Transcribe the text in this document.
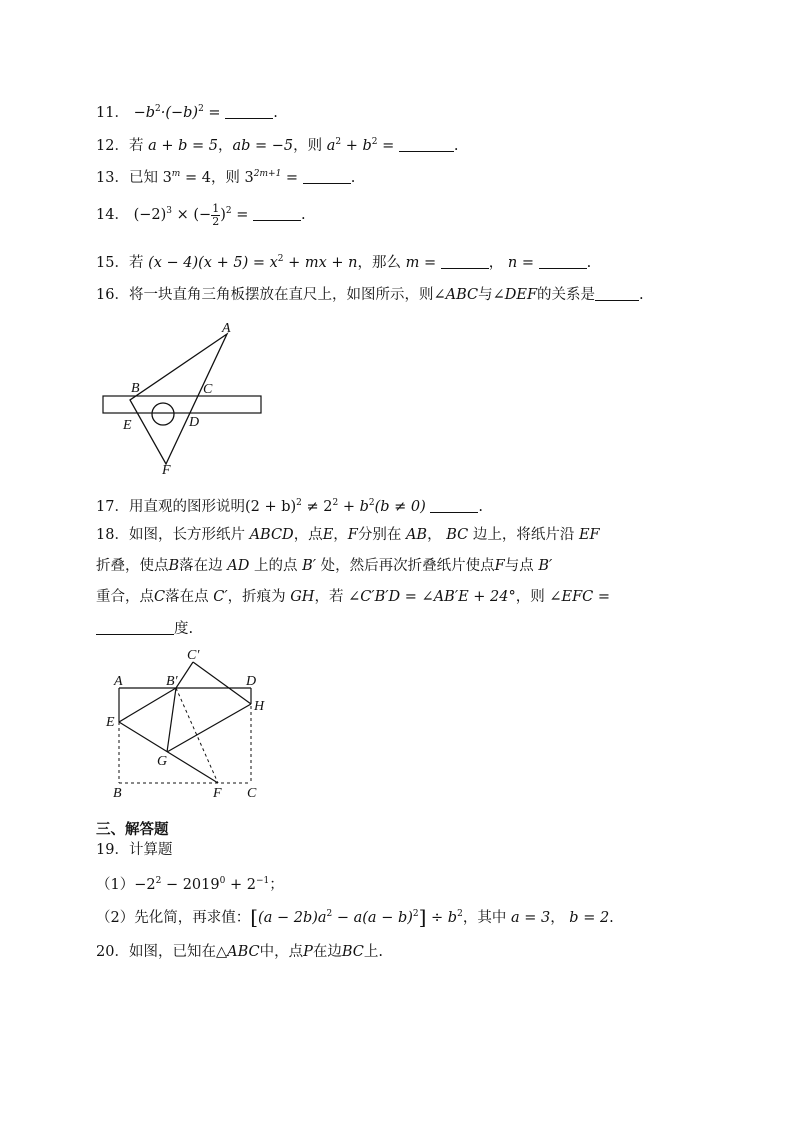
11． $-b^2\cdot(-b)^2$ =	.
12．若 a + b = 5，ab = −5，则 $a^2 + b^2$ =	.
13．已知 $3^m = 4$，则 $3^{2m+1}$ =	.
14． $(-2)^3$ × (− $\frac{1}{2} )^2$ =	.
15．若 $(x - 4)(x + 5) = x^2$ + mx + n，那么 m =	， n =	.
16．将一块直角三角板摆放在直尺上，如图所示，则∠ABC与∠DEF的关系是	.
A
B	C
D
E
F
17．用直观的图形说明$(2 + b)^2 \ne 2^2 + b^2(b \ne 0)$	.
18．如图，长方形纸片 ABCD，点E，F分别在 AB， BC 边上，将纸片沿 EF
折叠，使点B落在边 AD 上的点 B′ 处，然后再次折叠纸片使点F与点 B′
重合，点C落在点 C′，折痕为 GH，若 ∠C′B′D = ∠AB′E + 24°，则 ∠EFC =
度.
A	B′
C′
D
H
E
G
B	F C
三、解答题
19．计算题
$(1)-2^2 - 2019^0 + 2^{-1}$；
（2）先化简，再求值：$[(a - 2b)a^2 - a(a - b)^2] \div b^2$，其中 a = 3， b = 2.
20．如图，已知在△ABC中，点P在边BC上.
